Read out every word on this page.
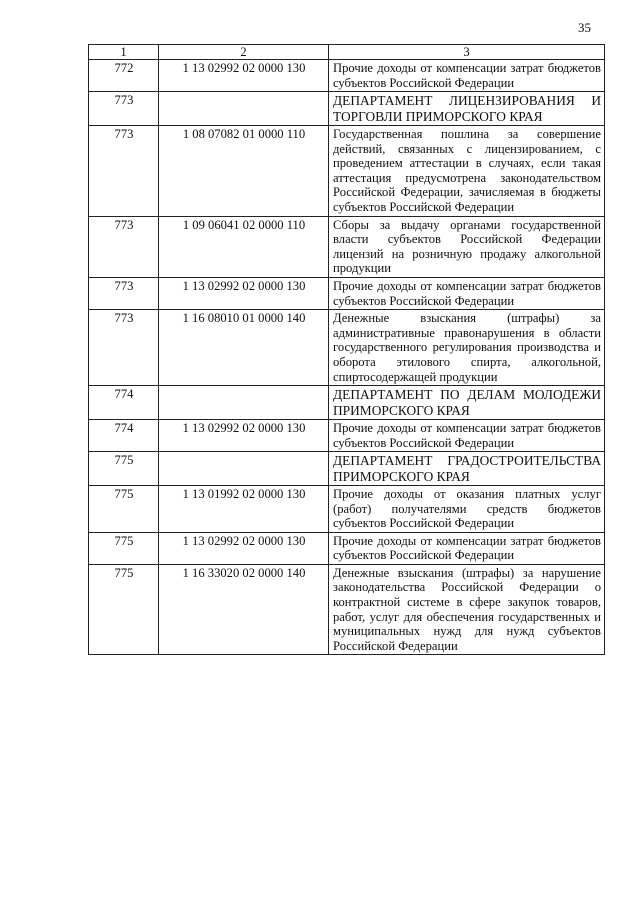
35
1	2	3
772	1 13 02992 02 0000 130	Прочие доходы от компенсации затрат бюджетов субъектов Российской Федерации
773		ДЕПАРТАМЕНТ ЛИЦЕНЗИРОВАНИЯ И ТОРГОВЛИ ПРИМОРСКОГО КРАЯ
773	1 08 07082 01 0000 110	Государственная пошлина за совершение действий, связанных с лицензированием, с проведением аттестации в случаях, если такая аттестация предусмотрена законодательством Российской Федерации, зачисляемая в бюджеты субъектов Российской Федерации
773	1 09 06041 02 0000 110	Сборы за выдачу органами государственной власти субъектов Российской Федерации лицензий на розничную продажу алкогольной продукции
773	1 13 02992 02 0000 130	Прочие доходы от компенсации затрат бюджетов субъектов Российской Федерации
773	1 16 08010 01 0000 140	Денежные взыскания (штрафы) за административные правонарушения в области государственного регулирования производства и оборота этилового спирта, алкогольной, спиртосодержащей продукции
774		ДЕПАРТАМЕНТ ПО ДЕЛАМ МОЛОДЕЖИ ПРИМОРСКОГО КРАЯ
774	1 13 02992 02 0000 130	Прочие доходы от компенсации затрат бюджетов субъектов Российской Федерации
775		ДЕПАРТАМЕНТ ГРАДОСТРОИТЕЛЬСТВА ПРИМОРСКОГО КРАЯ
775	1 13 01992 02 0000 130	Прочие доходы от оказания платных услуг (работ) получателями средств бюджетов субъектов Российской Федерации
775	1 13 02992 02 0000 130	Прочие доходы от компенсации затрат бюджетов субъектов Российской Федерации
775	1 16 33020 02 0000 140	Денежные взыскания (штрафы) за нарушение законодательства Российской Федерации о контрактной системе в сфере закупок товаров, работ, услуг для обеспечения государственных и муниципальных нужд для нужд субъектов Российской Федерации
